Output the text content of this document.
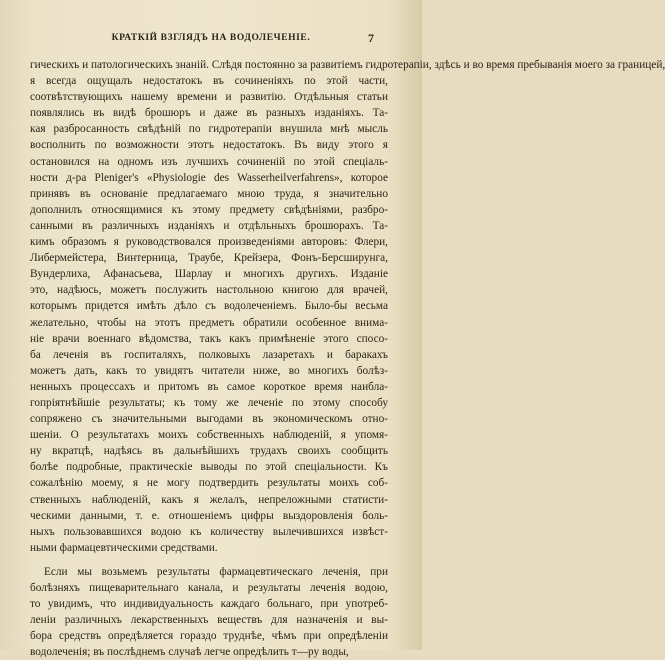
КРАТКІЙ ВЗГЛЯДЪ НА ВОДОЛЕЧЕНІЕ.	7
гическихъ и патологическихъ знаній. Слѣдя постоянно за развитіемъ гидротерапіи, здѣсь и во время пребыванія моего за границей,
я всегда ощущалъ недостатокъ въ сочиненіяхъ по этой части,
соотвѣтствующихъ нашему времени и развитію. Отдѣльныя статьи
появлялись въ видѣ брошюръ и даже въ разныхъ изданіяхъ. Та-
кая разбросанность свѣдѣній по гидротерапіи внушила мнѣ мысль
восполнить по возможности этотъ недостатокъ. Въ виду этого я
остановился на одномъ изъ лучшихъ сочиненій по этой спеціаль-
ности д-ра Pleniger's «Physiologie des Wasserheilverfahrens», которое
принявъ въ основаніе предлагаемаго мною труда, я значительно
дополнилъ относящимися къ этому предмету свѣдѣніями, разбро-
санными въ различныхъ изданіяхъ и отдѣльныхъ брошюрахъ. Та-
кимъ образомъ я руководствовался произведеніями авторовъ: Флери,
Либермейстера, Винтерница, Траубе, Крейзера, Фонъ-Берсширунга,
Вундерлиха, Афанасьева, Шарлау и многихъ другихъ. Изданіе
это, надѣюсь, можетъ послужить настольною книгою для врачей,
которымъ придется имѣть дѣло съ водолеченіемъ. Было-бы весьма
желательно, чтобы на этотъ предметъ обратили особенное внима-
ніе врачи военнаго вѣдомства, такъ какъ примѣненіе этого спосо-
ба леченія въ госпиталяхъ, полковыхъ лазаретахъ и баракахъ
можетъ дать, какъ то увидятъ читатели ниже, во многихъ болѣз-
ненныхъ процессахъ и притомъ въ самое короткое время наибла-
гопріятнѣйшіе результаты; къ тому же леченіе по этому способу
сопряжено съ значительными выгодами въ экономическомъ отно-
шеніи. О результатахъ моихъ собственныхъ наблюденій, я упомя-
ну вкратцѣ, надѣясь въ дальнѣйшихъ трудахъ своихъ сообщить
болѣе подробные, практическіе выводы по этой спеціальности. Къ
сожалѣнію моему, я не могу подтвердить результаты моихъ соб-
ственныхъ наблюденій, какъ я желалъ, непреложными статисти-
ческими данными, т. е. отношеніемъ цифры выздоровленія боль-
ныхъ пользовавшихся водою къ количеству вылечившихся извѣст-
ными фармацевтическими средствами.
Если мы возьмемъ результаты фармацевтическаго леченія, при
болѣзняхъ пищеварительнаго канала, и результаты леченія водою,
то увидимъ, что индивидуальность каждаго больнаго, при употреб-
леніи различныхъ лекарственныхъ веществъ для назначенія и вы-
бора средствъ опредѣляется гораздо труднѣе, чѣмъ при опредѣленіи
водолеченія; въ послѣднемъ случаѣ легче опредѣлить т—ру воды,
